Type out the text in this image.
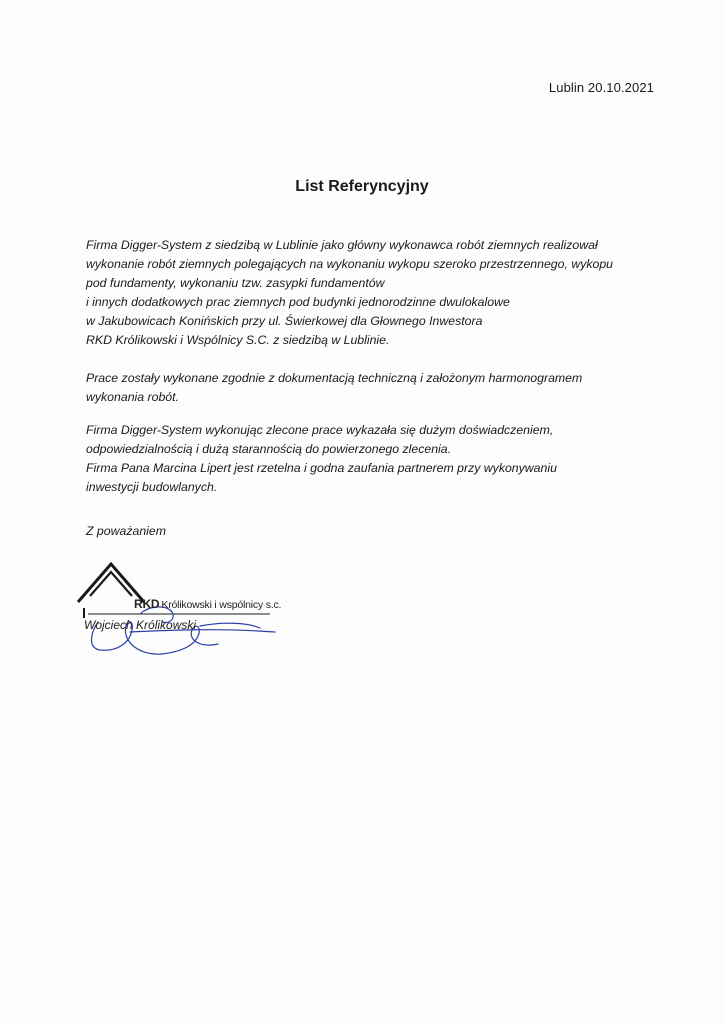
Lublin 20.10.2021
List Referyncyjny
Firma Digger-System z siedzibą w Lublinie jako główny wykonawca robót ziemnych realizował
wykonanie robót ziemnych polegających na wykonaniu wykopu szeroko przestrzennego, wykopu
pod fundamenty, wykonaniu tzw. zasypki fundamentów
i innych dodatkowych prac ziemnych pod budynki jednorodzinne dwulokalowe
w Jakubowicach Konińskich przy ul. Świerkowej dla Głownego Inwestora
RKD Królikowski i Wspólnicy S.C. z siedzibą w Lublinie.
Prace zostały wykonane zgodnie z dokumentacją techniczną i założonym harmonogramem
wykonania robót.
Firma Digger-System wykonując zlecone prace wykazała się dużym doświadczeniem,
odpowiedzialnością i dużą starannością do powierzonego zlecenia.
Firma Pana Marcina Lipert jest rzetelna i godna zaufania partnerem przy wykonywaniu
inwestycji budowlanych.
Z poważaniem
RKD Królikowski i wspólnicy s.c.
Wojciech Królikowski
